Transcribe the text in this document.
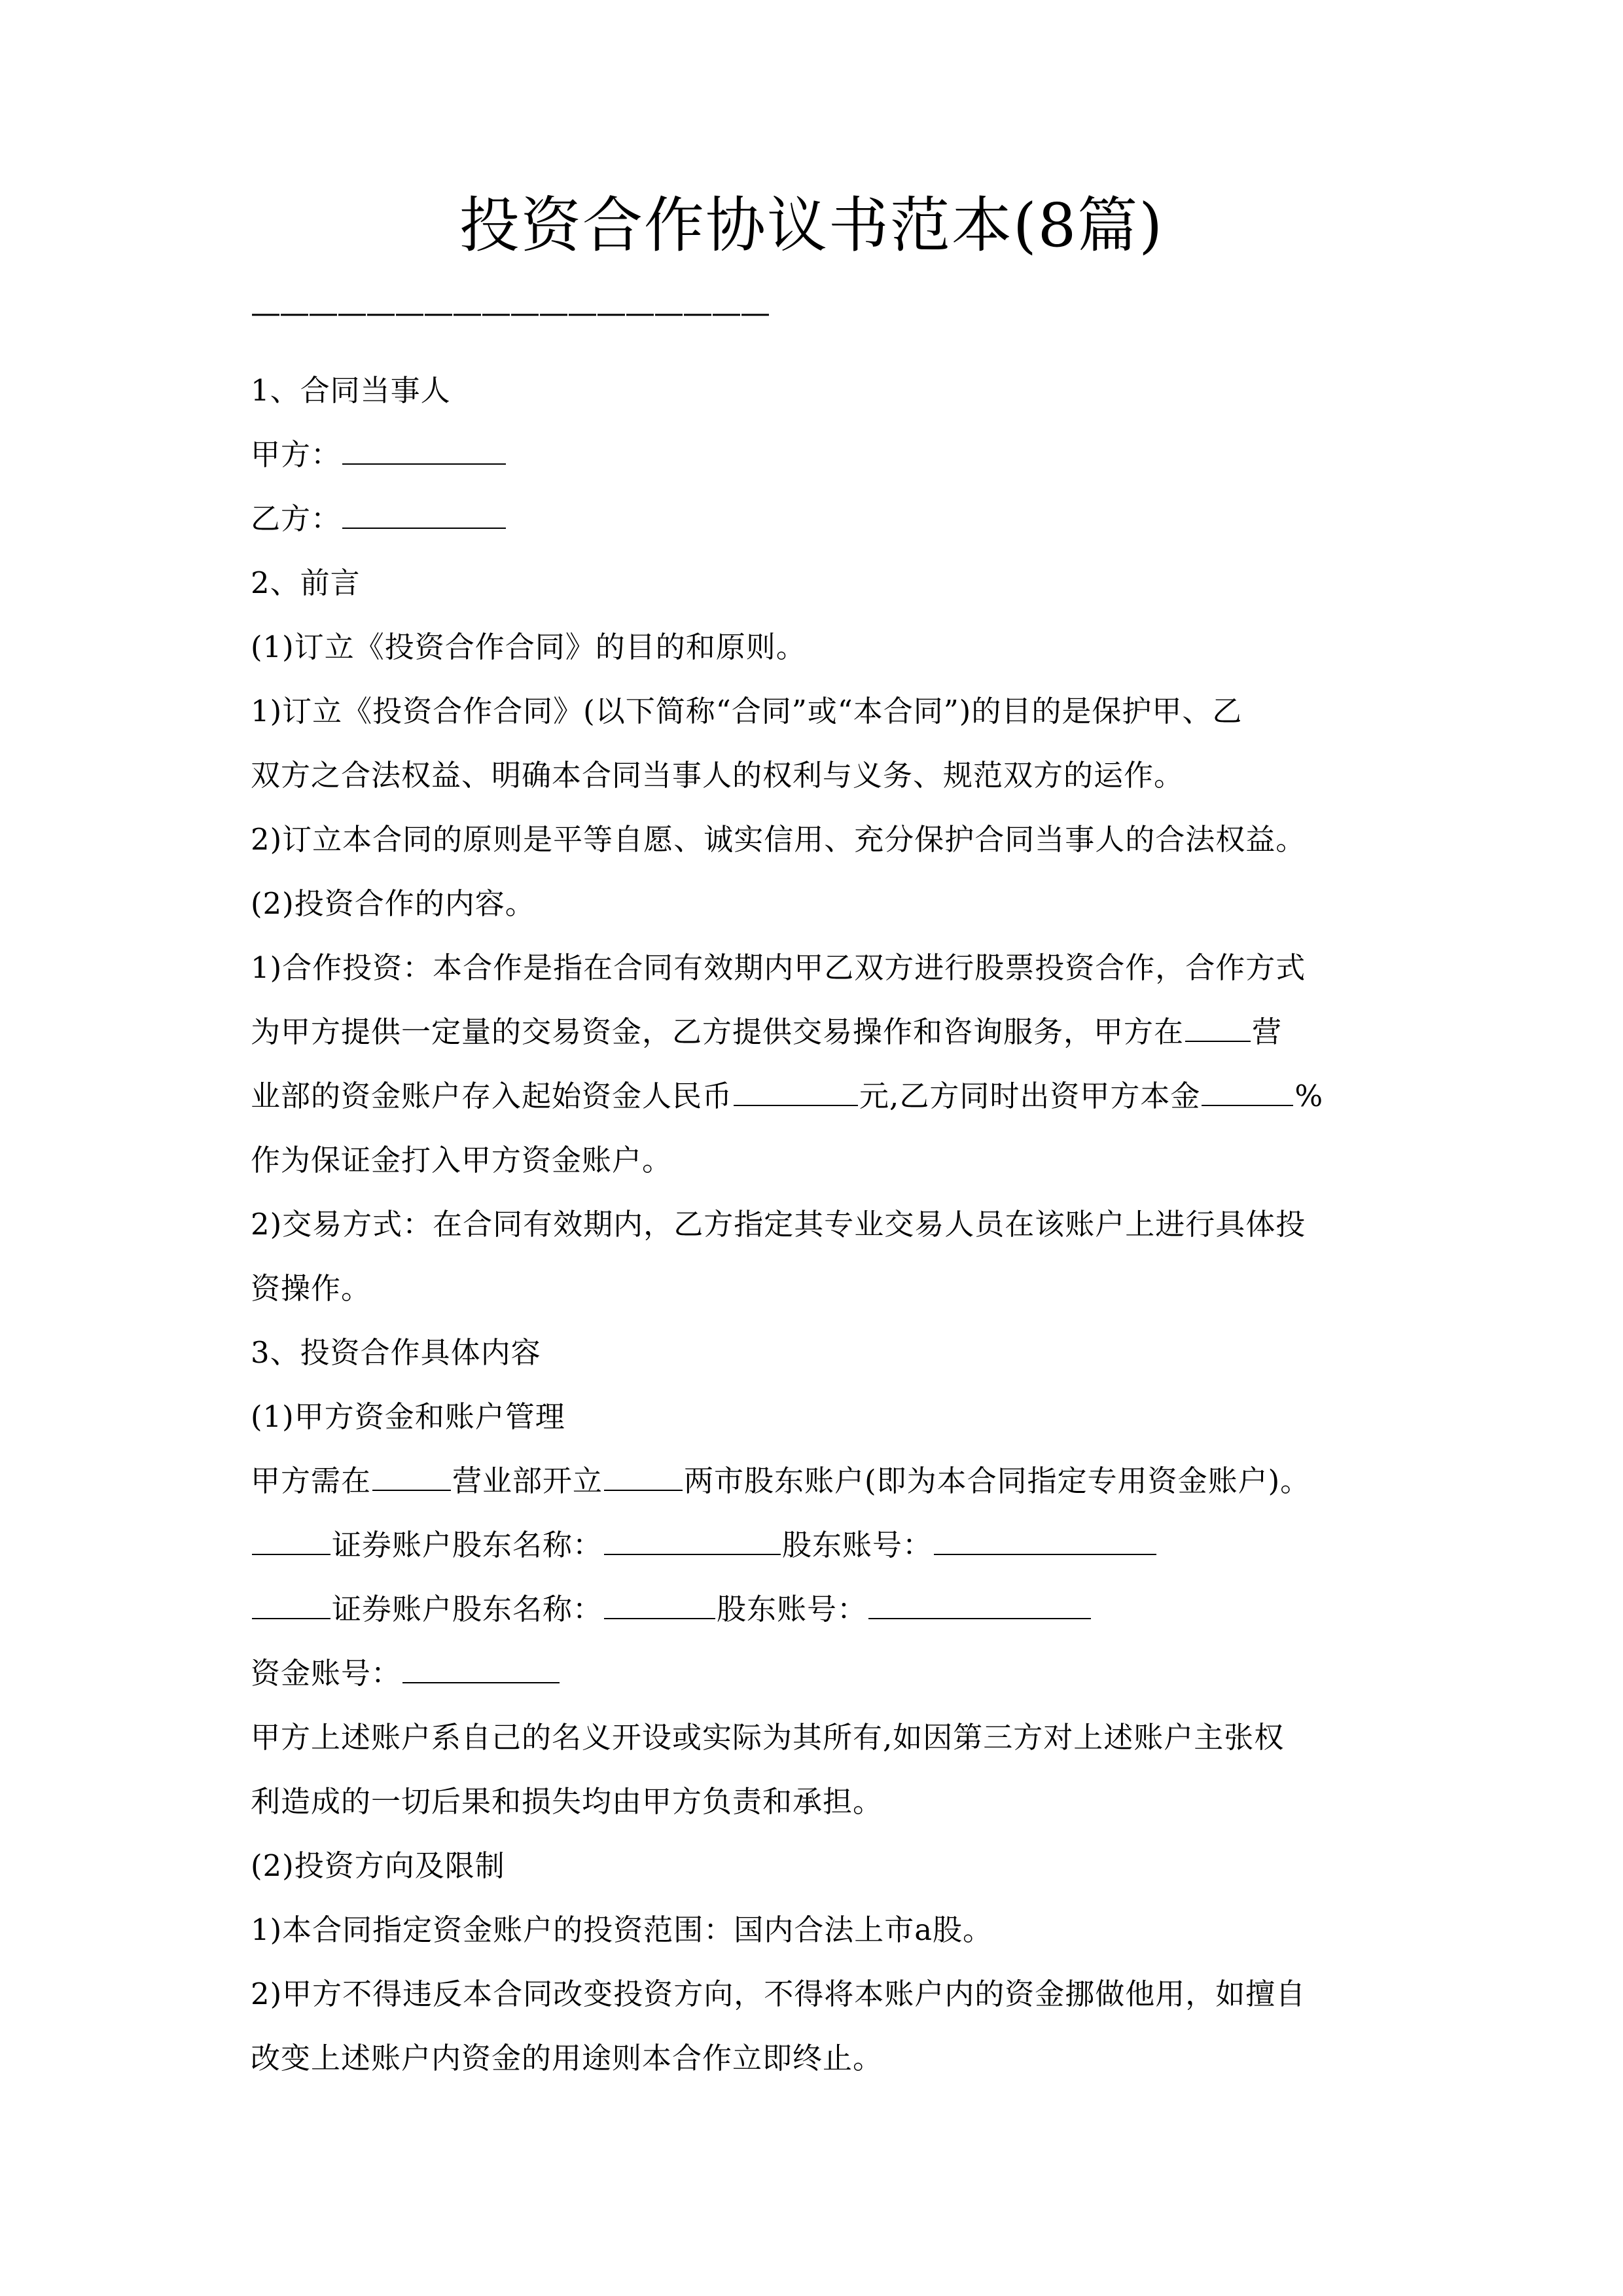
投资合作协议书范本(8篇)
——————————————————
1、合同当事人
甲方：
乙方：
2、前言
(1)订立《投资合作合同》的目的和原则。
1)订立《投资合作合同》(以下简称“合同”或“本合同”)的目的是保护甲、乙
双方之合法权益、明确本合同当事人的权利与义务、规范双方的运作。
2)订立本合同的原则是平等自愿、诚实信用、充分保护合同当事人的合法权益。
(2)投资合作的内容。
1)合作投资：本合作是指在合同有效期内甲乙双方进行股票投资合作，合作方式
为甲方提供一定量的交易资金，乙方提供交易操作和咨询服务，甲方在 营
业部的资金账户存入起始资金人民币	元,乙方同时出资甲方本金	%
作为保证金打入甲方资金账户。
2)交易方式：在合同有效期内，乙方指定其专业交易人员在该账户上进行具体投
资操作。
3、投资合作具体内容
(1)甲方资金和账户管理
甲方需在	营业部开立	两市股东账户(即为本合同指定专用资金账户)。
证券账户股东名称：	股东账号：
证券账户股东名称：	股东账号：
资金账号：
甲方上述账户系自己的名义开设或实际为其所有,如因第三方对上述账户主张权
利造成的一切后果和损失均由甲方负责和承担。
(2)投资方向及限制
1)本合同指定资金账户的投资范围：国内合法上市a股。
2)甲方不得违反本合同改变投资方向，不得将本账户内的资金挪做他用，如擅自
改变上述账户内资金的用途则本合作立即终止。
